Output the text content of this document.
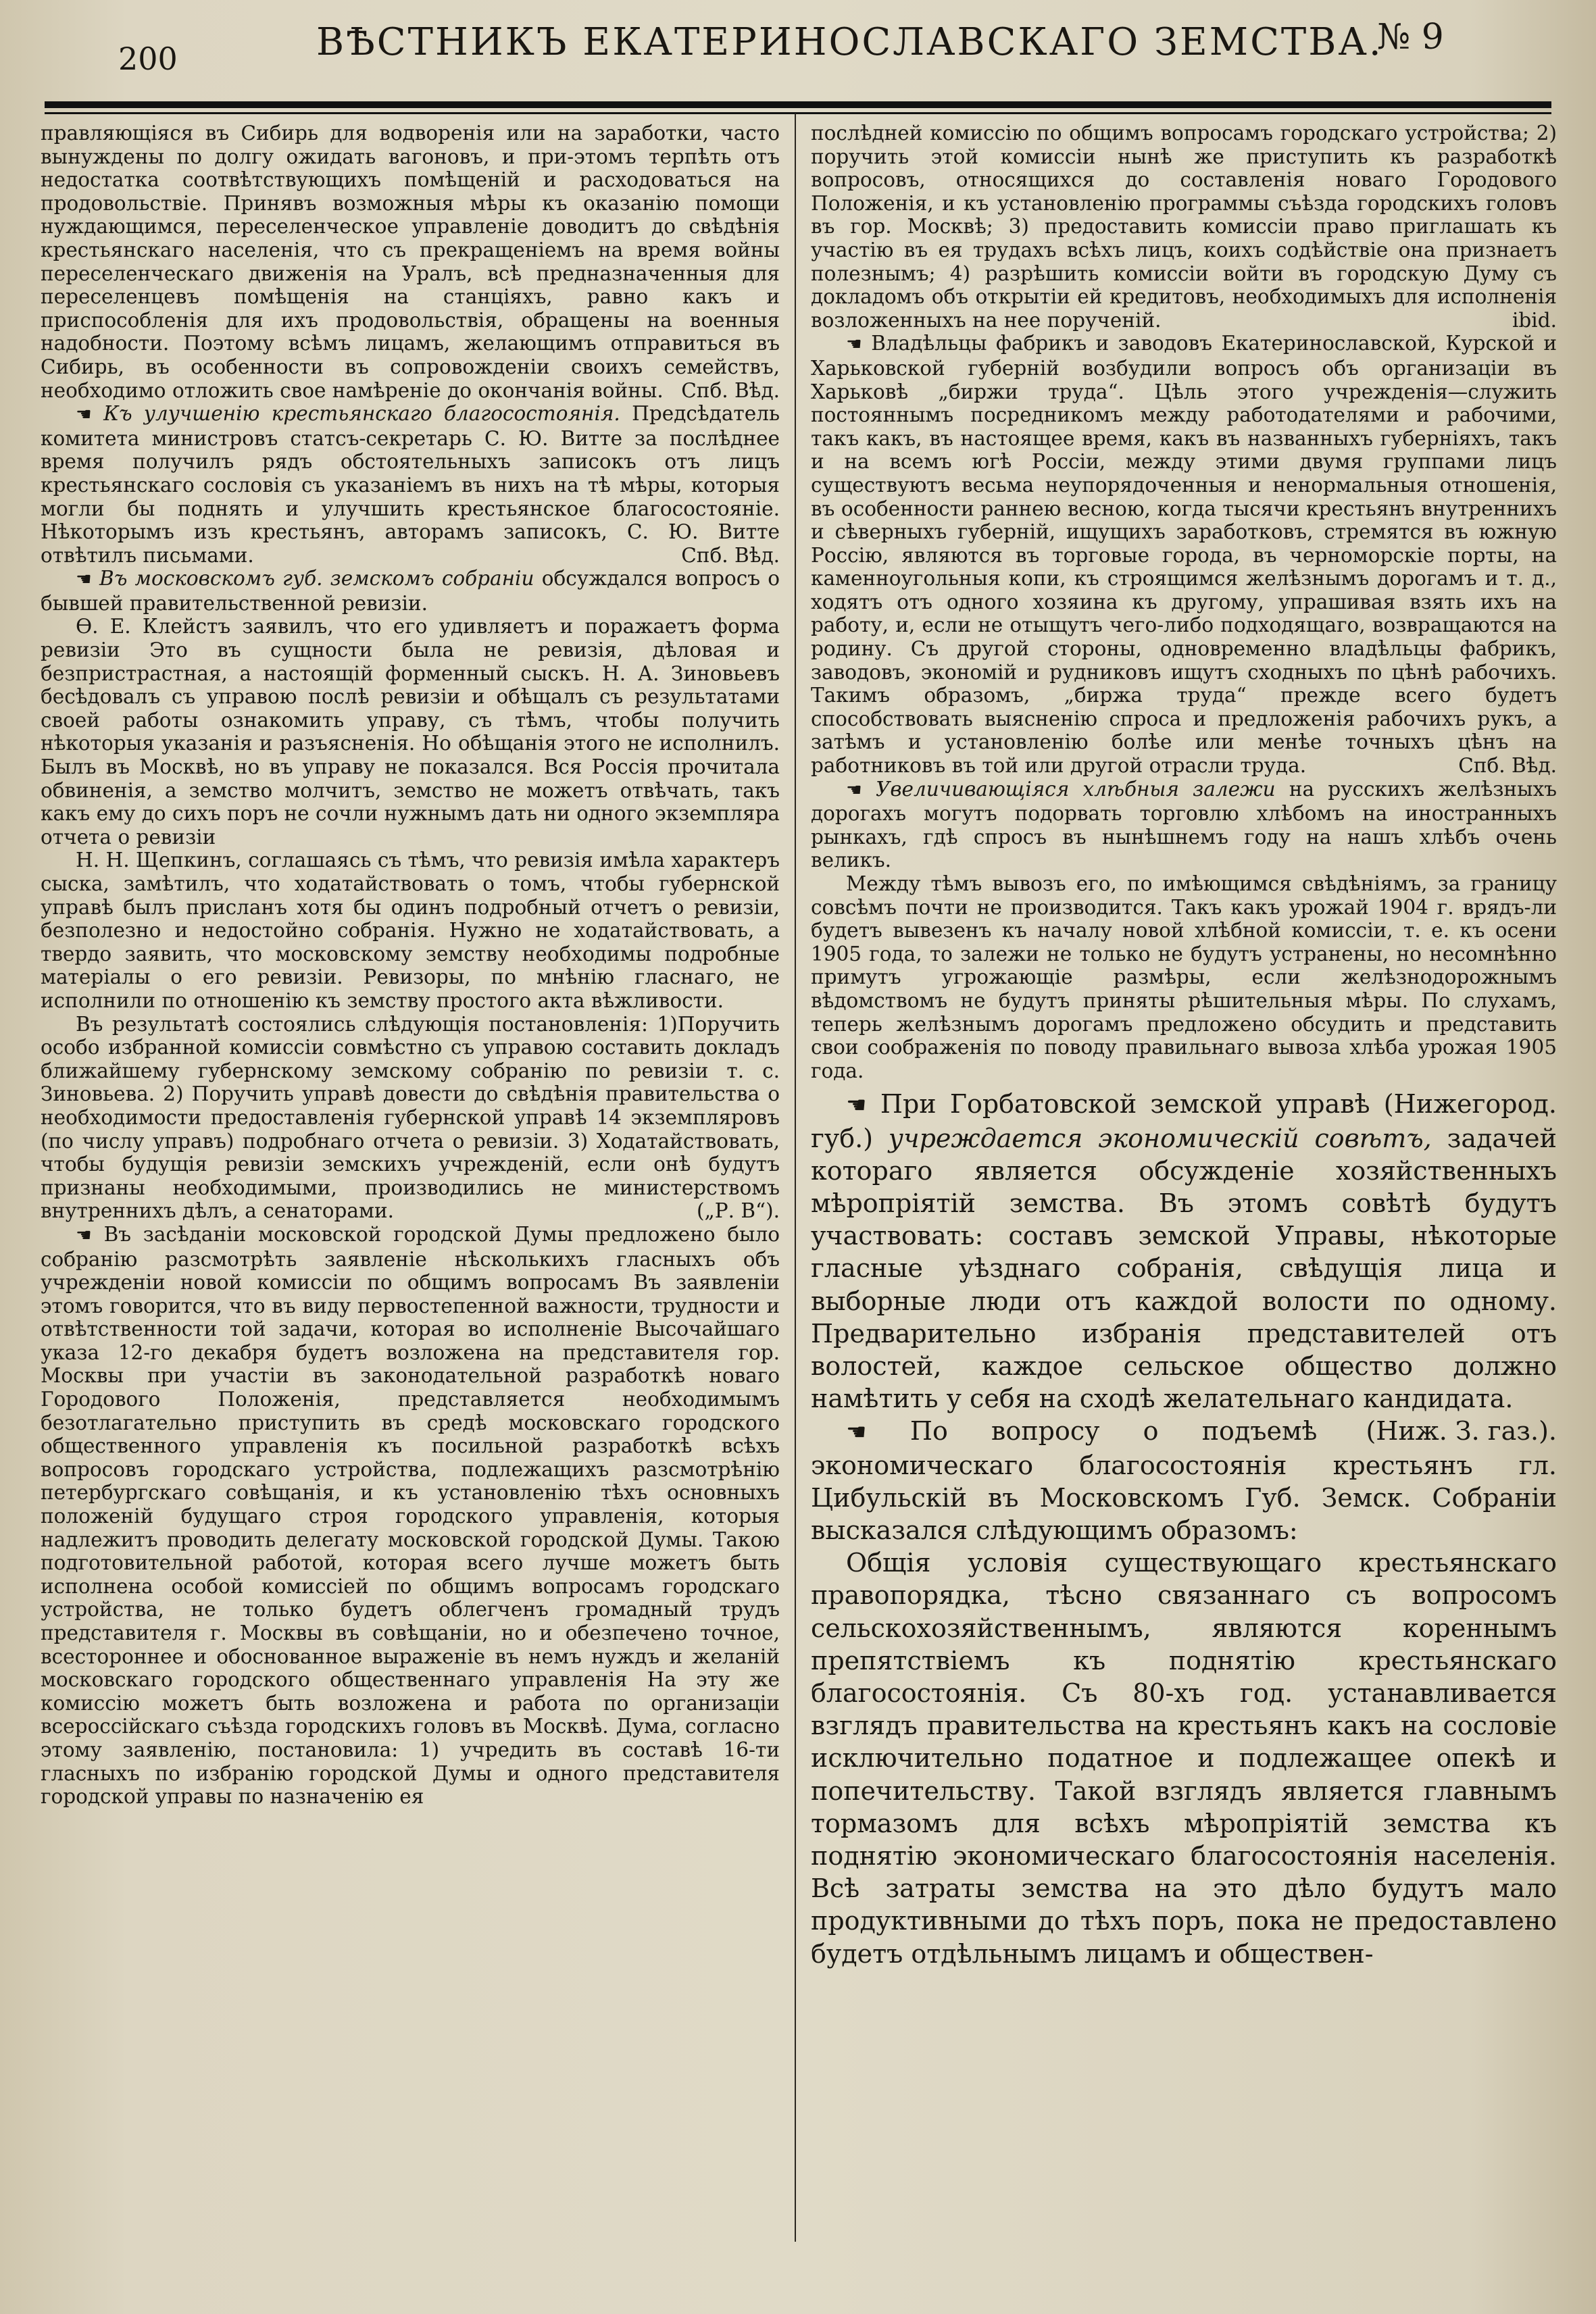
200	ВѢСТНИКЪ ЕКАТЕРИНОСЛАВСКАГО ЗЕМСТВА.
№ 9

правляющіяся въ Сибирь для водворенія или на заработки, часто вынуждены по долгу ожидать вагоновъ, и при-этомъ терпѣть отъ недостатка соотвѣтствующихъ помѣщеній и расходоваться на продовольствіе. Принявъ возможныя мѣры къ оказанію помощи нуждающимся, переселенческое управленіе доводитъ до свѣдѣнія крестьянскаго населенія, что съ прекращеніемъ на время войны переселенческаго движенія на Уралъ, всѣ предназначенныя для переселенцевъ помѣщенія на станціяхъ, равно какъ и приспособленія для ихъ продовольствія, обращены на военныя надобности. Поэтому всѣмъ лицамъ, желающимъ отправиться въ Сибирь, въ особенности въ сопровожденіи своихъ семействъ, необходимо отложить свое намѣреніе до окончанія войны. Спб. Вѣд.

☚ Къ улучшенію крестьянскаго благосостоянія. Предсѣдатель комитета министровъ статсъ-секретарь С. Ю. Витте за послѣднее время получилъ рядъ обстоятельныхъ записокъ отъ лицъ крестьянскаго сословія съ указаніемъ въ нихъ на тѣ мѣры, которыя могли бы поднять и улучшить крестьянское благосостояніе. Нѣкоторымъ изъ крестьянъ, авторамъ записокъ, С. Ю. Витте отвѣтилъ письмами.	Спб. Вѣд.

☚ Въ московскомъ губ. земскомъ собраніи обсуждался вопросъ о бывшей правительственной ревизіи.

Ѳ. Е. Клейстъ заявилъ, что его удивляетъ и поражаетъ форма ревизіи Это въ сущности была не ревизія, дѣловая и безпристрастная, а настоящій форменный сыскъ. Н. А. Зиновьевъ бесѣдовалъ съ управою послѣ ревизіи и обѣщалъ съ результатами своей работы ознакомить управу, съ тѣмъ, чтобы получить нѣкоторыя указанія и разъясненія. Но обѣщанія этого не исполнилъ. Былъ въ Москвѣ, но въ управу не показался. Вся Россія прочитала обвиненія, а земство молчитъ, земство не можетъ отвѣчать, такъ какъ ему до сихъ поръ не сочли нужнымъ дать ни одного экземпляра отчета о ревизіи

Н. Н. Щепкинъ, соглашаясь съ тѣмъ, что ревизія имѣла характеръ сыска, замѣтилъ, что ходатайствовать о томъ, чтобы губернской управѣ былъ присланъ хотя бы одинъ подробный отчетъ о ревизіи, безполезно и недостойно собранія. Нужно не ходатайствовать, а твердо заявить, что московскому земству необходимы подробные матеріалы о его ревизіи. Ревизоры, по мнѣнію гласнаго, не исполнили по отношенію къ земству простого акта вѣжливости.

Въ результатѣ состоялись слѣдующія постановленія: 1)Поручить особо избранной комиссіи совмѣстно съ управою составить докладъ ближайшему губернскому земскому собранію по ревизіи т. с. Зиновьева. 2) Поручить управѣ довести до свѣдѣнія правительства о необходимости предоставленія губернской управѣ 14 экземпляровъ (по числу управъ) подробнаго отчета о ревизіи. 3) Ходатайствовать, чтобы будущія ревизіи земскихъ учрежденій, если онѣ будутъ признаны необходимыми, производились не министерствомъ внутреннихъ дѣлъ, а сенаторами.	(„Р. В“).

☚ Въ засѣданіи московской городской Думы предложено было собранію разсмотрѣть заявленіе нѣсколькихъ гласныхъ объ учрежденіи новой комиссіи по общимъ вопросамъ Въ заявленіи этомъ говорится, что въ виду первостепенной важности, трудности и отвѣтственности той задачи, которая во исполненіе Высочайшаго указа 12-го декабря будетъ возложена на представителя гор. Москвы при участіи въ законодательной разработкѣ новаго Городового Положенія, представляется необходимымъ безотлагательно приступить въ средѣ московскаго городского общественного управленія къ посильной разработкѣ всѣхъ вопросовъ городскаго устройства, подлежащихъ разсмотрѣнію петербургскаго совѣщанія, и къ установленію тѣхъ основныхъ положеній будущаго строя городского управленія, которыя надлежитъ проводить делегату московской городской Думы. Такою подготовительной работой, которая всего лучше можетъ быть исполнена особой комиссіей по общимъ вопросамъ городскаго устройства, не только будетъ облегченъ громадный трудъ представителя г. Москвы въ совѣщаніи, но и обезпечено точное, всестороннее и обоснованное выраженіе въ немъ нуждъ и желаній московскаго городского общественнаго управленія На эту же комиссію можетъ быть возложена и работа по организаціи всероссійскаго съѣзда городскихъ головъ въ Москвѣ. Дума, согласно этому заявленію, постановила: 1) учредить въ составѣ 16-ти гласныхъ по избранію городской Думы и одного представителя городской управы по назначенію ея

послѣдней комиссію по общимъ вопросамъ городскаго устройства; 2) поручить этой комиссіи нынѣ же приступить къ разработкѣ вопросовъ, относящихся до составленія новаго Городового Положенія, и къ установленію программы съѣзда городскихъ головъ въ гор. Москвѣ; 3) предоставить комиссіи право приглашать къ участію въ ея трудахъ всѣхъ лицъ, коихъ содѣйствіе она признаетъ полезнымъ; 4) разрѣшить комиссіи войти въ городскую Думу съ докладомъ объ открытіи ей кредитовъ, необходимыхъ для исполненія возложенныхъ на нее порученій.	ibid.

☚ Владѣльцы фабрикъ и заводовъ Екатеринославской, Курской и Харьковской губерній возбудили вопросъ объ организаціи въ Харьковѣ „биржи труда“. Цѣль этого учрежденія—служить постояннымъ посредникомъ между работодателями и рабочими, такъ какъ, въ настоящее время, какъ въ названныхъ губерніяхъ, такъ и на всемъ югѣ Россіи, между этими двумя группами лицъ существуютъ весьма неупорядоченныя и ненормальныя отношенія, въ особенности раннею весною, когда тысячи крестьянъ внутреннихъ и сѣверныхъ губерній, ищущихъ заработковъ, стремятся въ южную Россію, являются въ торговые города, въ черноморскіе порты, на каменноугольныя копи, къ строящимся желѣзнымъ дорогамъ и т. д., ходятъ отъ одного хозяина къ другому, упрашивая взять ихъ на работу, и, если не отыщутъ чего-либо подходящаго, возвращаются на родину. Съ другой стороны, одновременно владѣльцы фабрикъ, заводовъ, экономій и рудниковъ ищутъ сходныхъ по цѣнѣ рабочихъ. Такимъ образомъ, „биржа труда“ прежде всего будетъ способствовать выясненію спроса и предложенія рабочихъ рукъ, а затѣмъ и установленію болѣе или менѣе точныхъ цѣнъ на работниковъ въ той или другой отрасли труда.	Спб. Вѣд.

☚ Увеличивающіяся хлѣбныя залежи на русскихъ желѣзныхъ дорогахъ могутъ подорвать торговлю хлѣбомъ на иностранныхъ рынкахъ, гдѣ спросъ въ нынѣшнемъ году на нашъ хлѣбъ очень великъ.

Между тѣмъ вывозъ его, по имѣющимся свѣдѣніямъ, за границу совсѣмъ почти не производится. Такъ какъ урожай 1904 г. врядъ-ли будетъ вывезенъ къ началу новой хлѣбной комиссіи, т. е. къ осени 1905 года, то залежи не только не будутъ устранены, но несомнѣнно примутъ угрожающіе размѣры, если желѣзнодорожнымъ вѣдомствомъ не будутъ приняты рѣшительныя мѣры. По слухамъ, теперь желѣзнымъ дорогамъ предложено обсудить и представить свои соображенія по поводу правильнаго вывоза хлѣба урожая 1905 года.

☚ При Горбатовской земской управѣ (Нижегород. губ.) учреждается экономическій совѣтъ, задачей котораго является обсужденіе хозяйственныхъ мѣропріятій земства. Въ этомъ совѣтѣ будутъ участвовать: составъ земской Управы, нѣкоторые гласные уѣзднаго собранія, свѣдущія лица и выборные люди отъ каждой волости по одному. Предварительно избранія представителей отъ волостей, каждое сельское общество должно намѣтить у себя на сходѣ желательнаго кандидата.
(Ниж. З. газ.).

☚ По вопросу о подъемѣ экономическаго благосостоянія крестьянъ гл. Цибульскій въ Московскомъ Губ. Земск. Собраніи высказался слѣдующимъ образомъ:

Общія условія существующаго крестьянскаго правопорядка, тѣсно связаннаго съ вопросомъ сельскохозяйственнымъ, являются кореннымъ препятствіемъ къ поднятію крестьянскаго благосостоянія. Съ 80-хъ год. устанавливается взглядъ правительства на крестьянъ какъ на сословіе исключительно податное и подлежащее опекѣ и попечительству. Такой взглядъ является главнымъ тормазомъ для всѣхъ мѣропріятій земства къ поднятію экономическаго благосостоянія населенія. Всѣ затраты земства на это дѣло будутъ мало продуктивными до тѣхъ поръ, пока не предоставлено будетъ отдѣльнымъ лицамъ и обществен-
